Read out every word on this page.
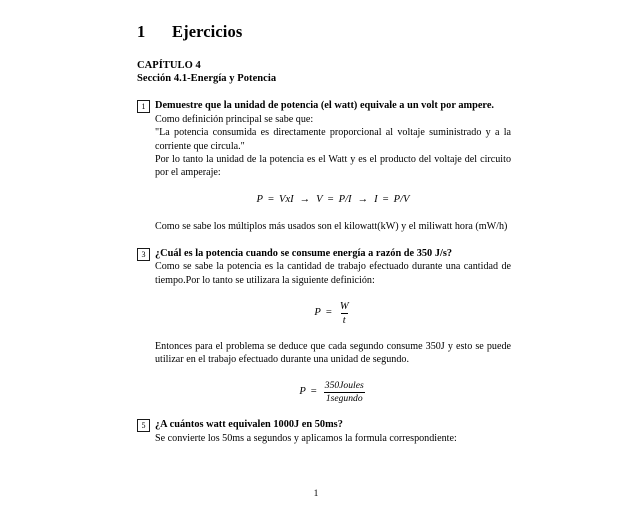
1	Ejercicios
CAPÍTULO 4
Sección 4.1-Energía y Potencia
1 Demuestre que la unidad de potencia (el watt) equivale a un volt por ampere.

Como definición principal se sabe que:

"La potencia consumida es directamente proporcional al voltaje suministrado y a la corriente que circula."

Por lo tanto la unidad de la potencia es el Watt y es el producto del voltaje del circuito por el amperaje:

P = VxI → V = P/I → I = P/V

Como se sabe los múltiplos más usados son el kilowatt(kW) y el miliwatt hora (mW/h)

3 ¿Cuál es la potencia cuando se consume energía a razón de 350 J/s?

Como se sabe la potencia es la cantidad de trabajo efectuado durante una cantidad de tiempo.Por lo tanto se utilizara la siguiente definición:

$P = \frac{W}{t}$

Entonces para el problema se deduce que cada segundo consume 350J y esto se puede utilizar en el trabajo efectuado durante una unidad de segundo.

$P = \frac{\text{350Joules}}{\text{1segundo}}$
5 ¿A cuántos watt equivalen 1000J en 50ms?

Se convierte los 50ms a segundos y aplicamos la formula correspondiente:

1
